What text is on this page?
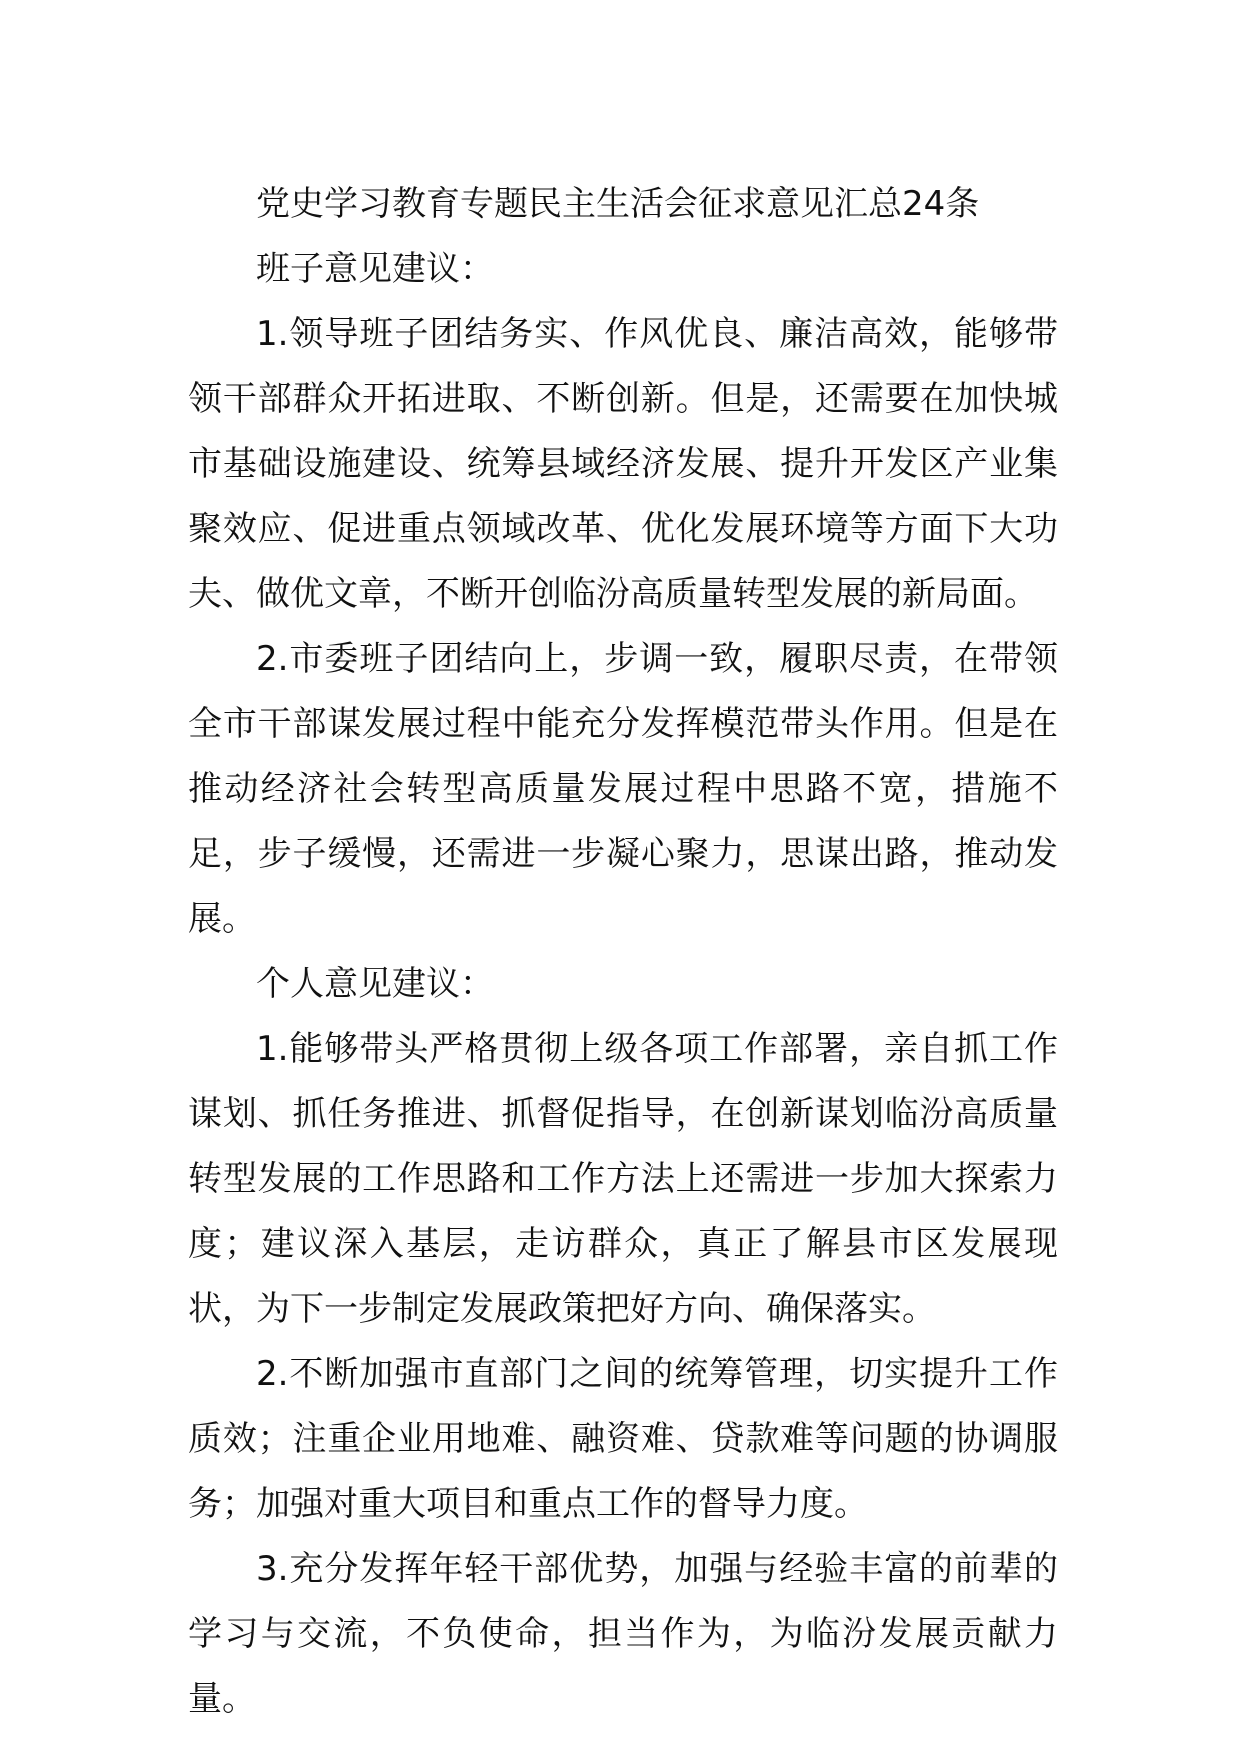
党史学习教育专题民主生活会征求意见汇总24条

班子意见建议：

1.领导班子团结务实、作风优良、廉洁高效，能够带领干部群众开拓进取、不断创新。但是，还需要在加快城市基础设施建设、统筹县域经济发展、提升开发区产业集聚效应、促进重点领域改革、优化发展环境等方面下大功夫、做优文章，不断开创临汾高质量转型发展的新局面。

2.市委班子团结向上，步调一致，履职尽责，在带领全市干部谋发展过程中能充分发挥模范带头作用。但是在推动经济社会转型高质量发展过程中思路不宽，措施不足，步子缓慢，还需进一步凝心聚力，思谋出路，推动发展。

个人意见建议：

1.能够带头严格贯彻上级各项工作部署，亲自抓工作谋划、抓任务推进、抓督促指导，在创新谋划临汾高质量转型发展的工作思路和工作方法上还需进一步加大探索力度；建议深入基层，走访群众，真正了解县市区发展现状，为下一步制定发展政策把好方向、确保落实。

2.不断加强市直部门之间的统筹管理，切实提升工作质效；注重企业用地难、融资难、贷款难等问题的协调服务；加强对重大项目和重点工作的督导力度。

3.充分发挥年轻干部优势，加强与经验丰富的前辈的学习与交流，不负使命，担当作为，为临汾发展贡献力量。
